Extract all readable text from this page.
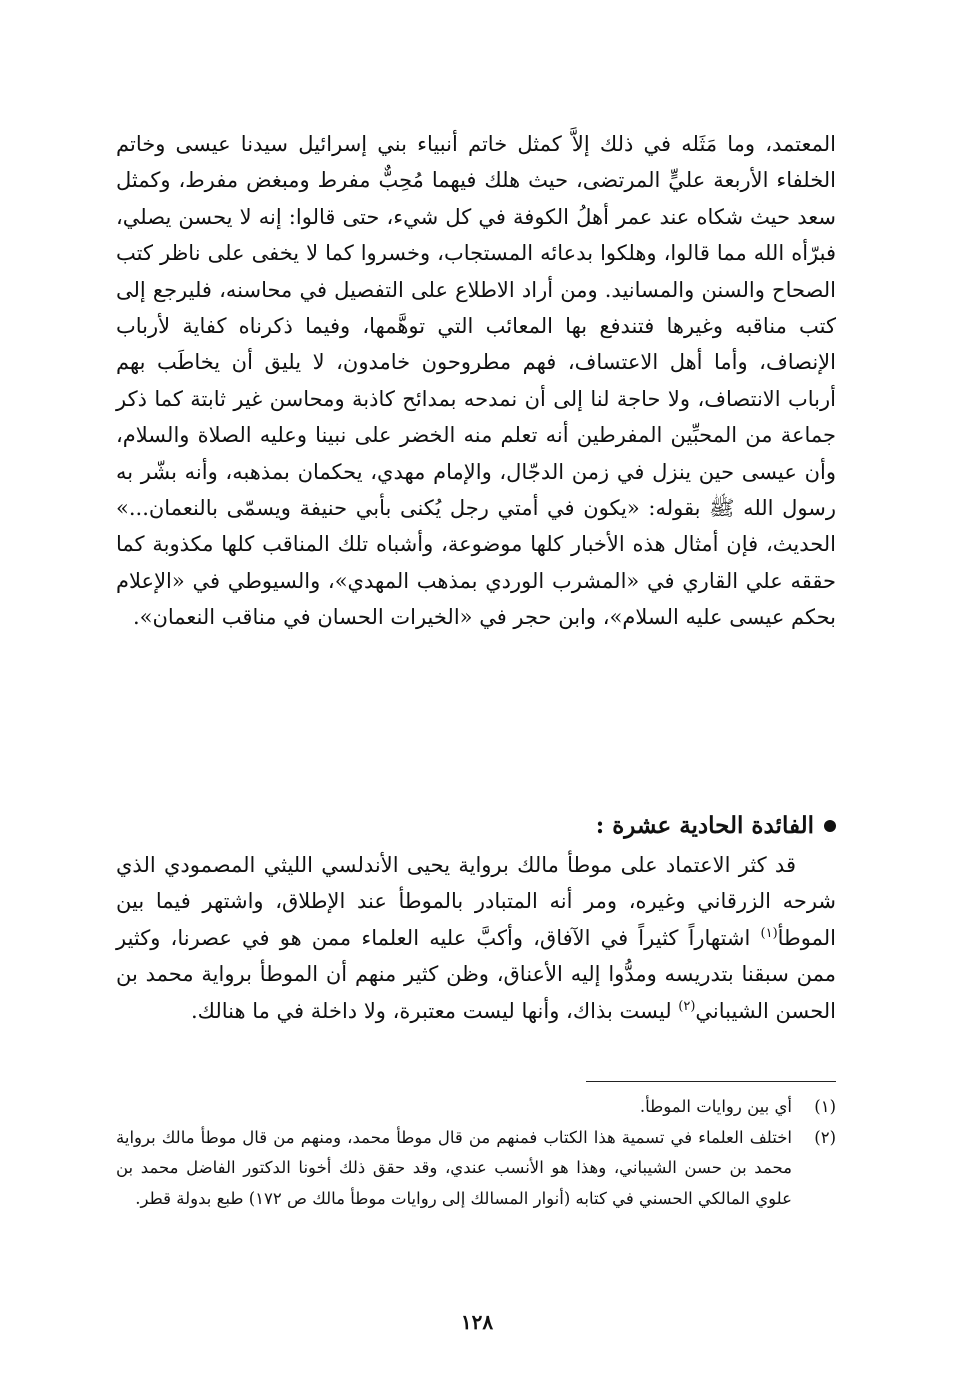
المعتمد، وما مَثَله في ذلك إلاَّ كمثل خاتم أنبياء بني إسرائيل سيدنا عيسى وخاتم الخلفاء الأربعة عليٍّ المرتضى، حيث هلك فيهما مُحِبٌّ مفرط ومبغض مفرط، وكمثل سعد حيث شكاه عند عمر أهلُ الكوفة في كل شيء، حتى قالوا: إنه لا يحسن يصلي، فبرّأه الله مما قالوا، وهلكوا بدعائه المستجاب، وخسروا كما لا يخفى على ناظر كتب الصحاح والسنن والمسانيد. ومن أراد الاطلاع على التفصيل في محاسنه، فليرجع إلى كتب مناقبه وغيرها فتندفع بها المعائب التي توهَّمها، وفيما ذكرناه كفاية لأرباب الإنصاف، وأما أهل الاعتساف، فهم مطروحون خامدون، لا يليق أن يخاطَب بهم أرباب الانتصاف، ولا حاجة لنا إلى أن نمدحه بمدائح كاذبة ومحاسن غير ثابتة كما ذكر جماعة من المحبِّين المفرطين أنه تعلم منه الخضر على نبينا وعليه الصلاة والسلام، وأن عيسى حين ينزل في زمن الدجّال، والإمام مهدي، يحكمان بمذهبه، وأنه بشّر به رسول الله ﷺ بقوله: «يكون في أمتي رجل يُكنى بأبي حنيفة ويسمّى بالنعمان...» الحديث، فإن أمثال هذه الأخبار كلها موضوعة، وأشباه تلك المناقب كلها مكذوبة كما حققه علي القاري في «المشرب الوردي بمذهب المهدي»، والسيوطي في «الإعلام بحكم عيسى عليه السلام»، وابن حجر في «الخيرات الحسان في مناقب النعمان».

الفائدة الحادية عشرة :

قد كثر الاعتماد على موطأ مالك برواية يحيى الأندلسي الليثي المصمودي الذي شرحه الزرقاني وغيره، ومر أنه المتبادر بالموطأ عند الإطلاق، واشتهر فيما بين الموطأ$^{(١)}$ اشتهاراً كثيراً في الآفاق، وأكبَّ عليه العلماء ممن هو في عصرنا، وكثير ممن سبقنا بتدريسه ومدُّوا إليه الأعناق، وظن كثير منهم أن الموطأ برواية محمد بن الحسن الشيباني$^{(٢)}$ ليست بذاك، وأنها ليست معتبرة، ولا داخلة في ما هنالك.

(١)
أي بين روايات الموطأ.
(٢)
اختلف العلماء في تسمية هذا الكتاب فمنهم من قال موطأ محمد، ومنهم من قال موطأ مالك برواية محمد بن حسن الشيباني، وهذا هو الأنسب عندي، وقد حقق ذلك أخونا الدكتور الفاضل محمد بن علوي المالكي الحسني في كتابه (أنوار المسالك إلى روايات موطأ مالك ص ١٧٢) طبع بدولة قطر.
١٢٨
